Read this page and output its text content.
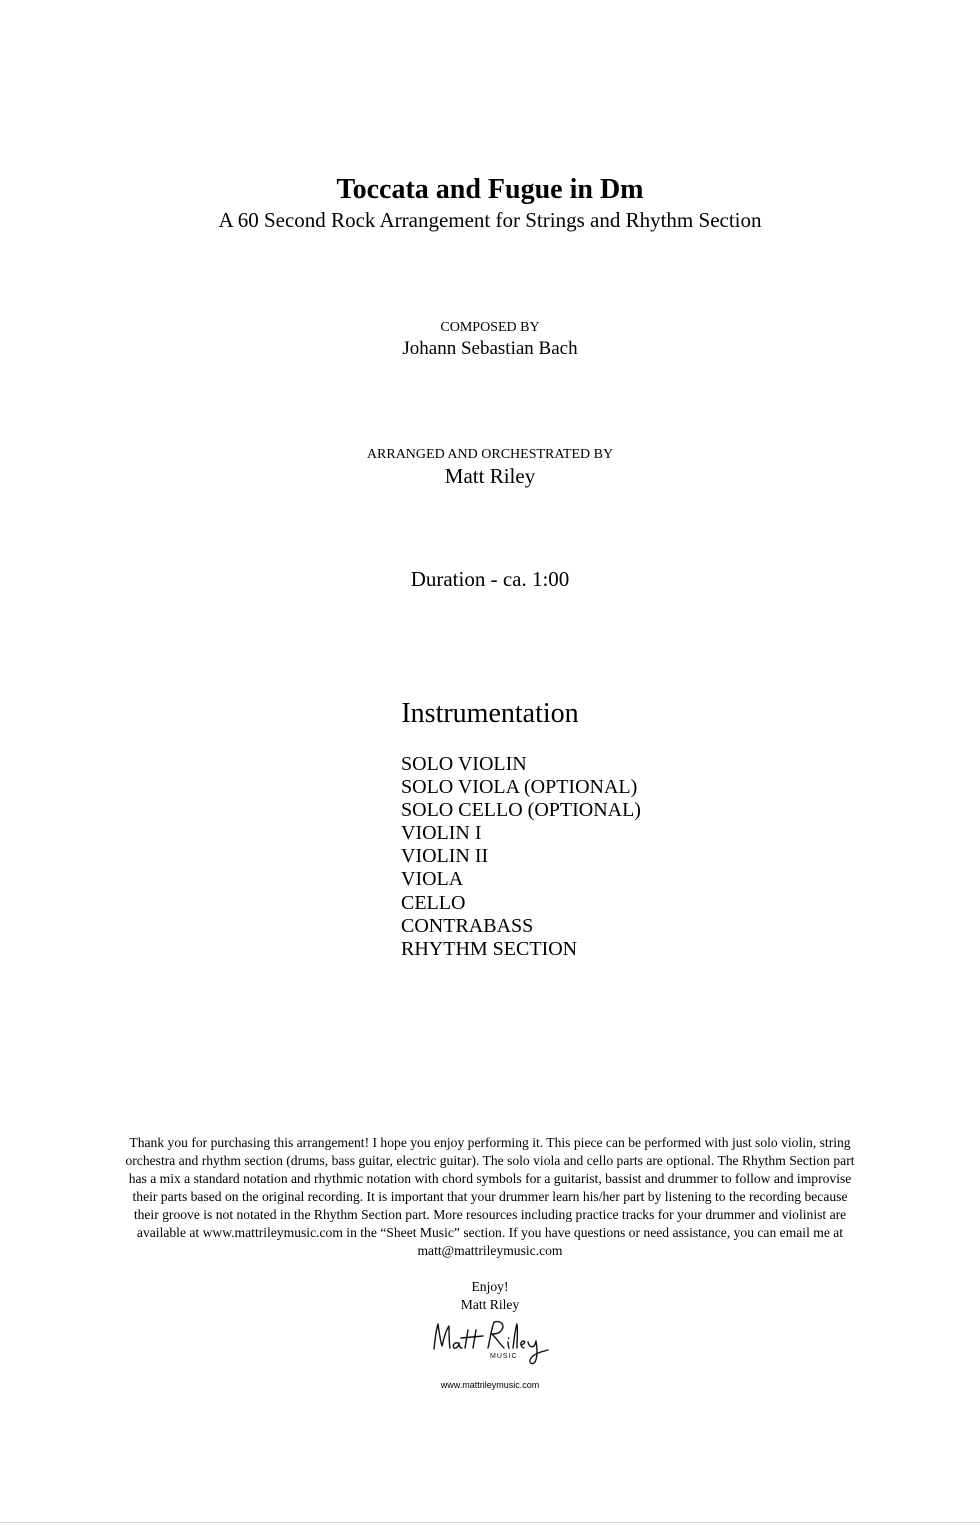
Toccata and Fugue in Dm
A 60 Second Rock Arrangement for Strings and Rhythm Section
COMPOSED BY
Johann Sebastian Bach
ARRANGED AND ORCHESTRATED BY
Matt Riley
Duration - ca. 1:00
Instrumentation
SOLO VIOLIN
SOLO VIOLA (OPTIONAL)
SOLO CELLO (OPTIONAL)
VIOLIN I
VIOLIN II
VIOLA
CELLO
CONTRABASS
RHYTHM SECTION
Thank you for purchasing this arrangement! I hope you enjoy performing it. This piece can be performed with just solo violin, string
orchestra and rhythm section (drums, bass guitar, electric guitar). The solo viola and cello parts are optional. The Rhythm Section part
has a mix a standard notation and rhythmic notation with chord symbols for a guitarist, bassist and drummer to follow and improvise
their parts based on the original recording. It is important that your drummer learn his/her part by listening to the recording because
their groove is not notated in the Rhythm Section part. More resources including practice tracks for your drummer and violinist are
available at www.mattrileymusic.com in the “Sheet Music” section. If you have questions or need assistance, you can email me at
matt@mattrileymusic.com
Enjoy!
Matt Riley
MUSIC
www.mattrileymusic.com
